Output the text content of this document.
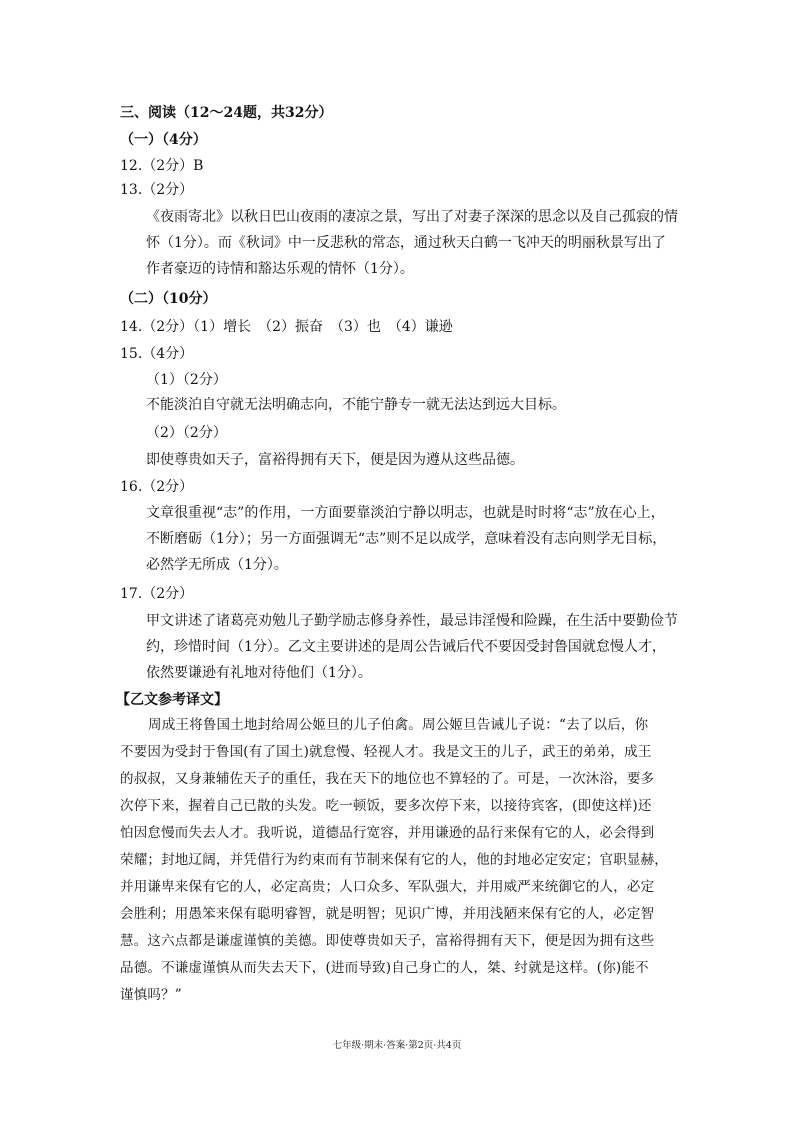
三、阅读（12～24题，共32分）
（一）（4分）
12.（2分）B
13.（2分）
《夜雨寄北》以秋日巴山夜雨的凄凉之景，写出了对妻子深深的思念以及自己孤寂的情
怀（1分）。而《秋词》中一反悲秋的常态，通过秋天白鹤一飞冲天的明丽秋景写出了
作者豪迈的诗情和豁达乐观的情怀（1分）。
（二）（10分）
14.（2分）（1）增长　（2）振奋　（3）也　（4）谦逊
15.（4分）
（1）（2分）
不能淡泊自守就无法明确志向，不能宁静专一就无法达到远大目标。
（2）（2分）
即使尊贵如天子，富裕得拥有天下，便是因为遵从这些品德。
16.（2分）
文章很重视“志”的作用，一方面要靠淡泊宁静以明志，也就是时时将“志”放在心上，
不断磨砺（1分）；另一方面强调无“志”则不足以成学，意味着没有志向则学无目标，
必然学无所成（1分）。
17.（2分）
甲文讲述了诸葛亮劝勉儿子勤学励志修身养性，最忌讳淫慢和险躁，在生活中要勤俭节
约，珍惜时间（1分）。乙文主要讲述的是周公告诫后代不要因受封鲁国就怠慢人才，
依然要谦逊有礼地对待他们（1分）。
【乙文参考译文】
周成王将鲁国土地封给周公姬旦的儿子伯禽。周公姬旦告诫儿子说：“去了以后，你
不要因为受封于鲁国(有了国土)就怠慢、轻视人才。我是文王的儿子，武王的弟弟，成王
的叔叔，又身兼辅佐天子的重任，我在天下的地位也不算轻的了。可是，一次沐浴，要多
次停下来，握着自己已散的头发。吃一顿饭，要多次停下来，以接待宾客，(即使这样)还
怕因怠慢而失去人才。我听说，道德品行宽容，并用谦逊的品行来保有它的人，必会得到
荣耀；封地辽阔，并凭借行为约束而有节制来保有它的人，他的封地必定安定；官职显赫，
并用谦卑来保有它的人，必定高贵；人口众多、军队强大，并用威严来统御它的人，必定
会胜利；用愚笨来保有聪明睿智，就是明智；见识广博，并用浅陋来保有它的人，必定智
慧。这六点都是谦虚谨慎的美德。即使尊贵如天子，富裕得拥有天下，便是因为拥有这些
品德。不谦虚谨慎从而失去天下，(进而导致)自己身亡的人，桀、纣就是这样。(你)能不
谨慎吗？”
七年级·期末·答案·第2页·共4页
